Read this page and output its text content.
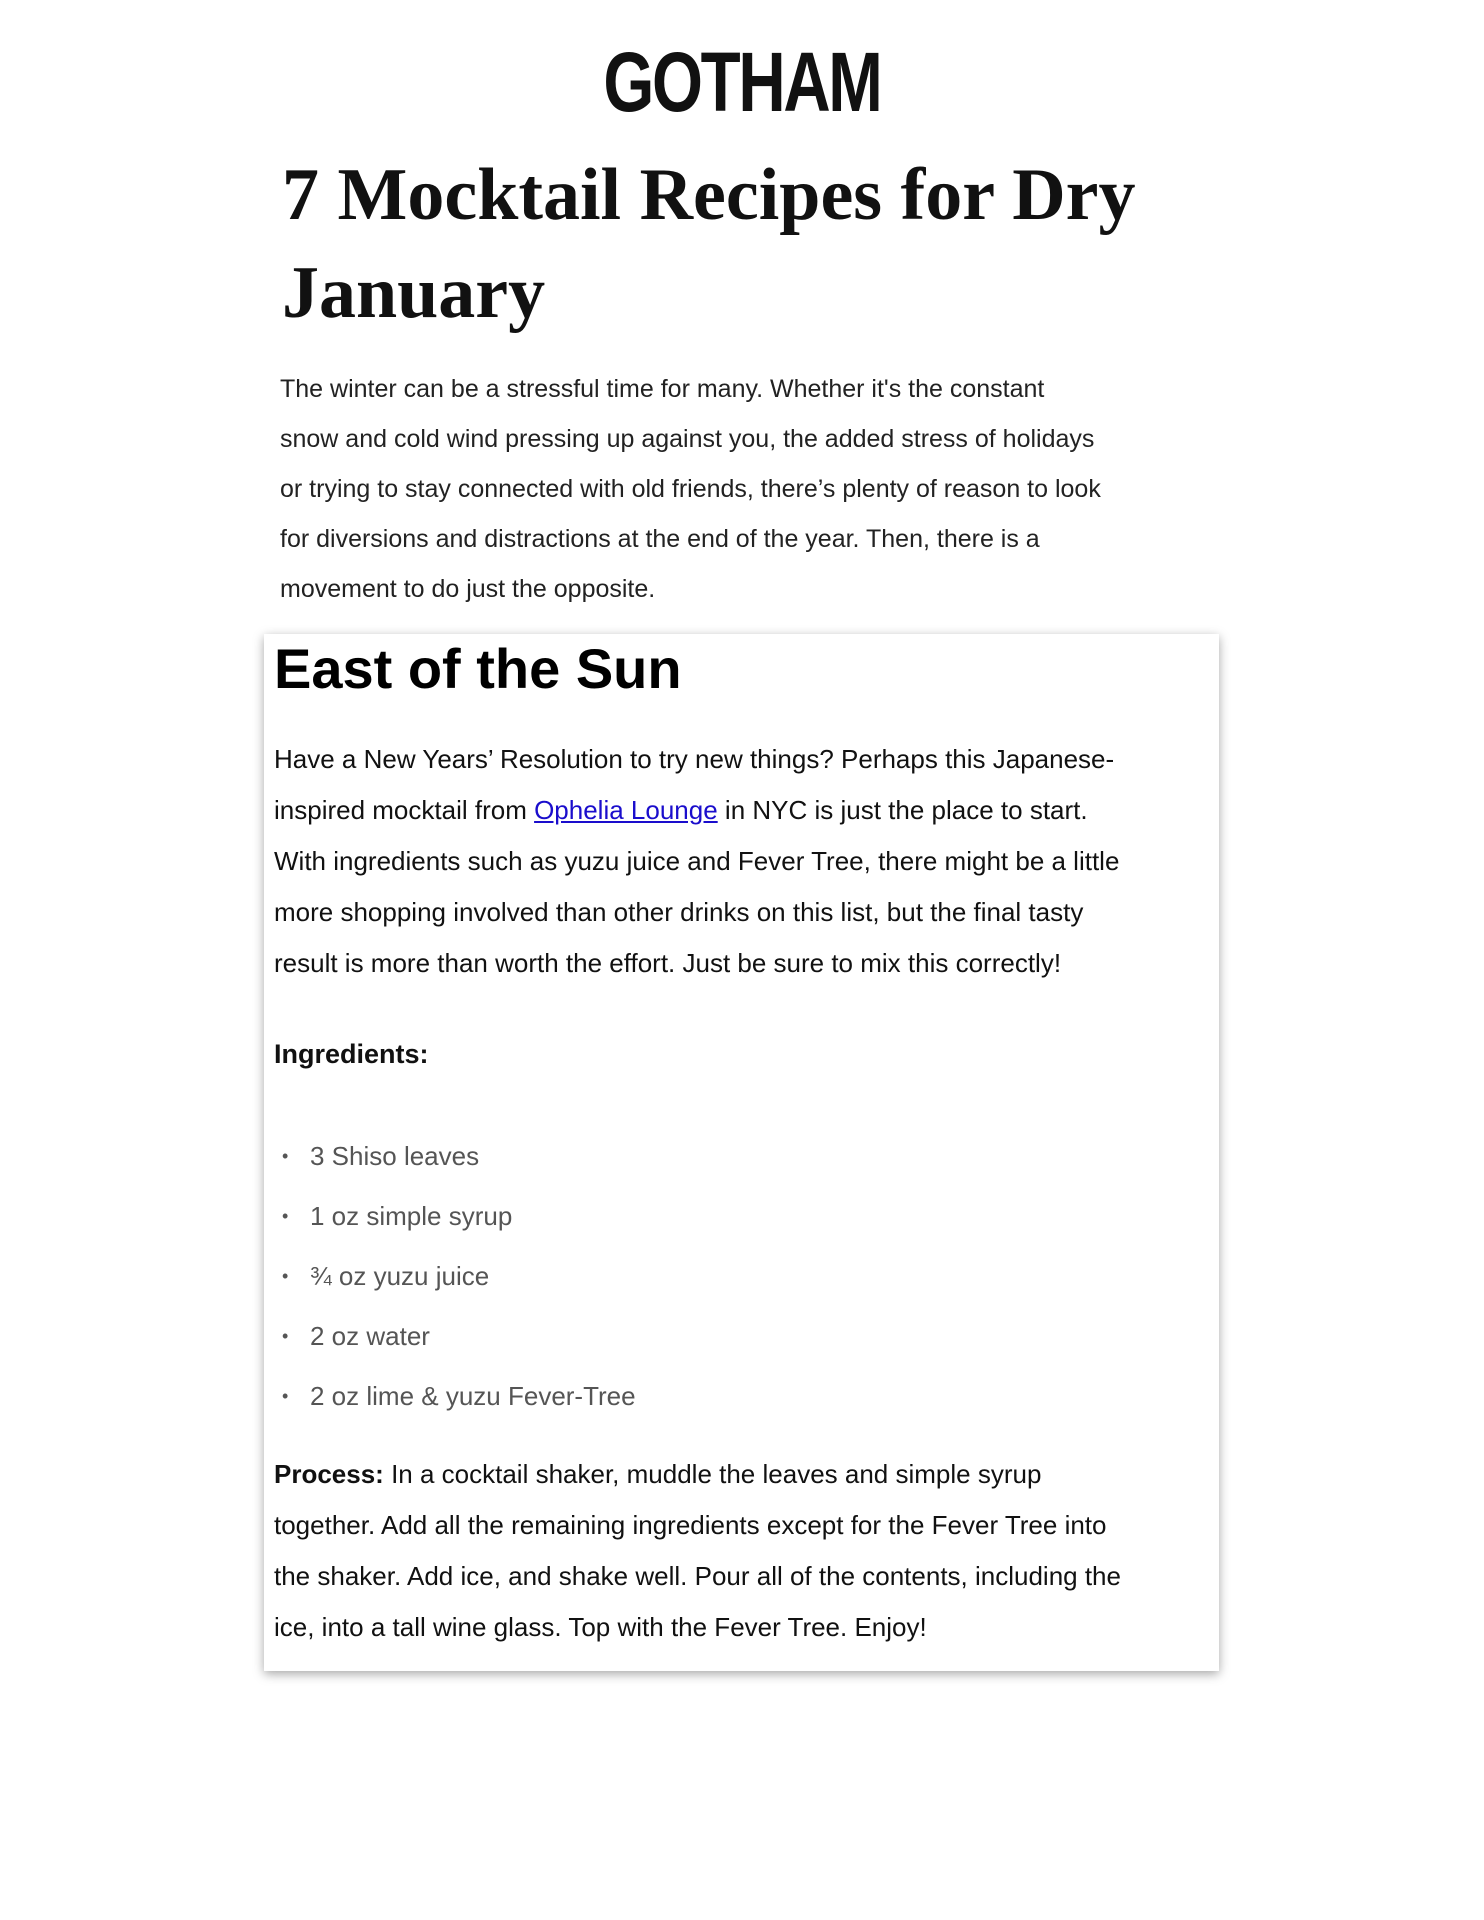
GOTHAM
7 Mocktail Recipes for Dry
January
The winter can be a stressful time for many. Whether it's the constant
snow and cold wind pressing up against you, the added stress of holidays
or trying to stay connected with old friends, there’s plenty of reason to look
for diversions and distractions at the end of the year. Then, there is a
movement to do just the opposite.
East of the Sun
Have a New Years’ Resolution to try new things? Perhaps this Japanese-
inspired mocktail from Ophelia Lounge in NYC is just the place to start.
With ingredients such as yuzu juice and Fever Tree, there might be a little
more shopping involved than other drinks on this list, but the final tasty
result is more than worth the effort. Just be sure to mix this correctly!
Ingredients:
• 3 Shiso leaves
• 1 oz simple syrup
• ¾ oz yuzu juice
• 2 oz water
• 2 oz lime & yuzu Fever-Tree
Process: In a cocktail shaker, muddle the leaves and simple syrup
together. Add all the remaining ingredients except for the Fever Tree into
the shaker. Add ice, and shake well. Pour all of the contents, including the
ice, into a tall wine glass. Top with the Fever Tree. Enjoy!
